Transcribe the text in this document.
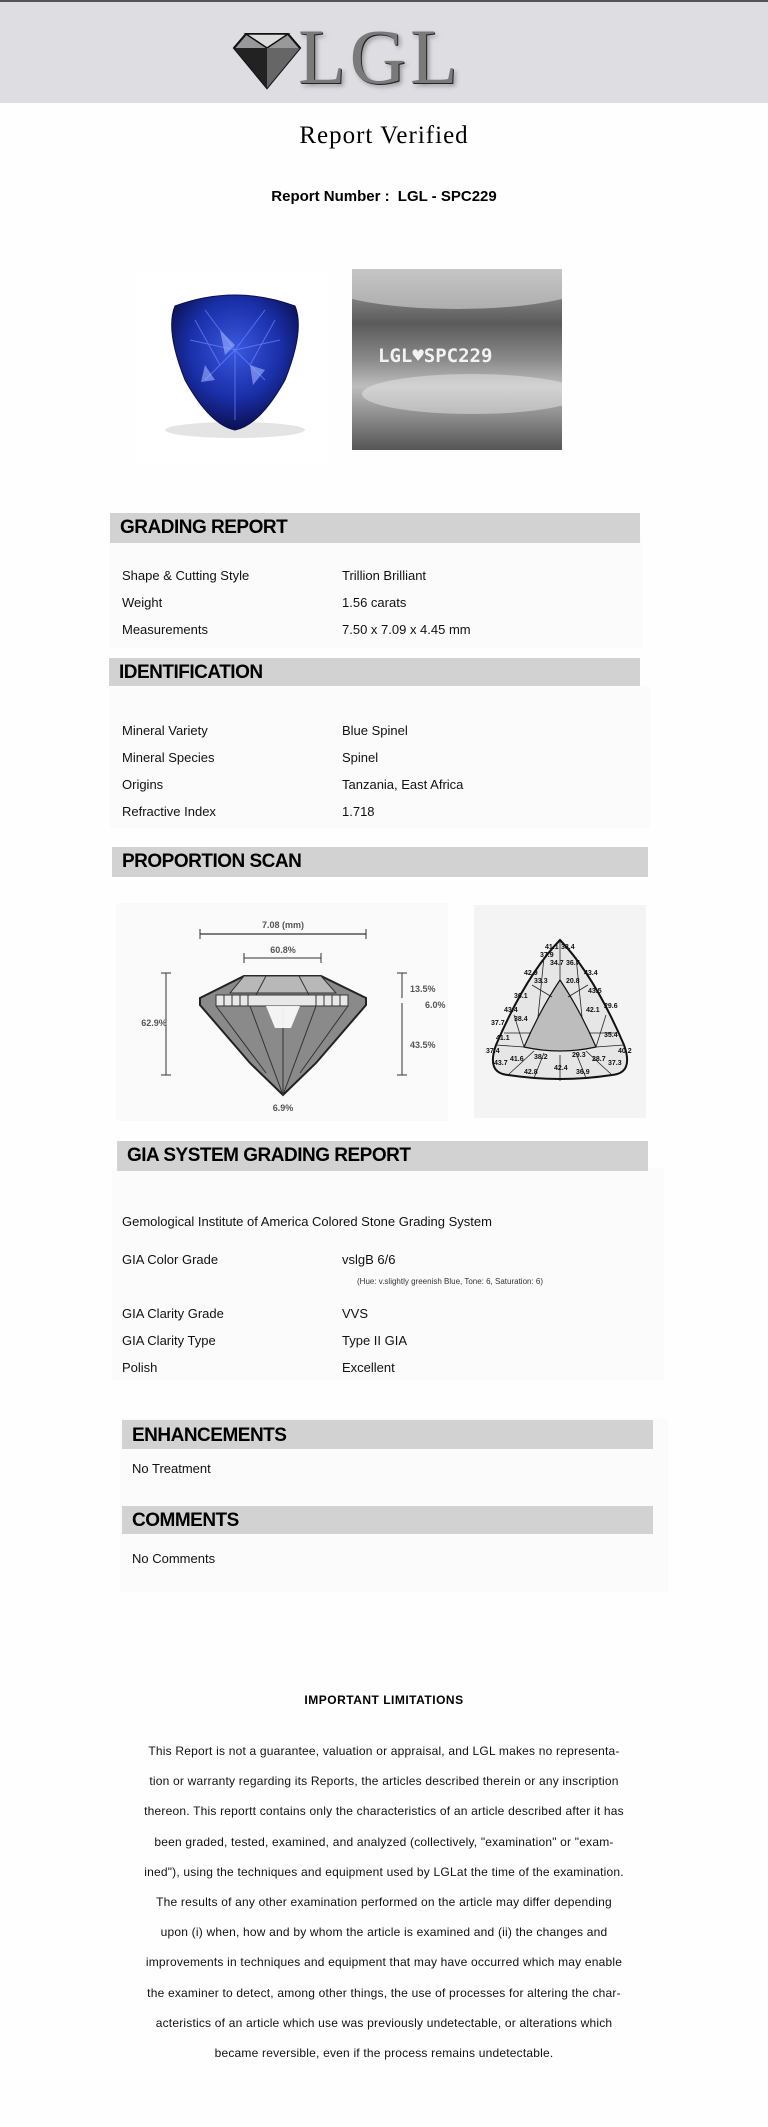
LGL
Report Verified
Report Number : LGL - SPC229
LGL♥SPC229
GRADING REPORT
Shape & Cutting Style	Trillion Brilliant
Weight	1.56 carats
Measurements	7.50 x 7.09 x 4.45 mm
IDENTIFICATION
Mineral Variety	Blue Spinel
Mineral Species	Spinel
Origins	Tanzania, East Africa
Refractive Index	1.718
PROPORTION SCAN
7.08 (mm)
60.8%
62.9%
13.5%
6.0%
43.5%
6.9%
41.1 38.4
37.9
34.7 36.7
42.9
33.3
43.4
20.8
43.5
36.1
43.4
29.6
42.1
37.7
38.4
41.1	35.4
37.4	40.2
43.7
41.6 38.2	29.3
28.7
37.3
42.8
42.4
36.9
GIA SYSTEM GRADING REPORT
Gemological Institute of America Colored Stone Grading System
GIA Color Grade	vslgB 6/6
(Hue: v.slightly greenish Blue, Tone: 6, Saturation: 6)
GIA Clarity Grade	VVS
GIA Clarity Type	Type II GIA
Polish	Excellent
ENHANCEMENTS
No Treatment
COMMENTS
No Comments
IMPORTANT LIMITATIONS
This Report is not a guarantee, valuation or appraisal, and LGL makes no representa-
tion or warranty regarding its Reports, the articles described therein or any inscription
thereon. This reportt contains only the characteristics of an article described after it has
been graded, tested, examined, and analyzed (collectively, "examination" or "exam-
ined"), using the techniques and equipment used by LGLat the time of the examination.
The results of any other examination performed on the article may differ depending
upon (i) when, how and by whom the article is examined and (ii) the changes and
improvements in techniques and equipment that may have occurred which may enable
the examiner to detect, among other things, the use of processes for altering the char-
acteristics of an article which use was previously undetectable, or alterations which
became reversible, even if the process remains undetectable.
